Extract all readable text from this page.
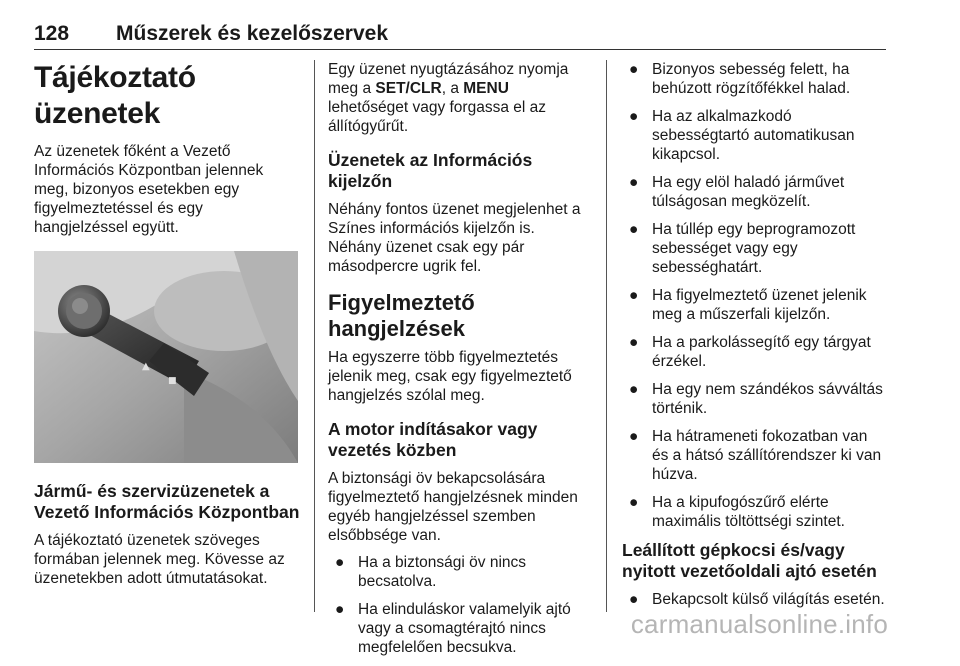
128 Műszerek és kezelőszervek
Tájékoztató üzenetek

Az üzenetek főként a Vezető Információs Központban jelennek meg, bizonyos esetekben egy figyelmeztetéssel és egy hangjelzéssel együtt.

▲
■
Jármű- és szervizüzenetek a Vezető Információs Központban

A tájékoztató üzenetek szöveges formában jelennek meg. Kövesse az üzenetekben adott útmutatásokat.

Egy üzenet nyugtázásához nyomja meg a SET/CLR, a MENU lehetőséget vagy forgassa el az állítógyűrűt.

Üzenetek az Információs kijelzőn

Néhány fontos üzenet megjelenhet a Színes információs kijelzőn is. Néhány üzenet csak egy pár másodpercre ugrik fel.

Figyelmeztető hangjelzések

Ha egyszerre több figyelmeztetés jelenik meg, csak egy figyelmeztető hangjelzés szólal meg.

A motor indításakor vagy vezetés közben

A biztonsági öv bekapcsolására figyelmeztető hangjelzésnek minden egyéb hangjelzéssel szemben elsőbbsége van.

● Ha a biztonsági öv nincs becsatolva.
● Ha elinduláskor valamelyik ajtó vagy a csomagtérajtó nincs megfelelően becsukva.
● Bizonyos sebesség felett, ha behúzott rögzítőfékkel halad.
● Ha az alkalmazkodó sebességtartó automatikusan kikapcsol.
● Ha egy elöl haladó járművet túlságosan megközelít.
● Ha túllép egy beprogramozott sebességet vagy egy sebességhatárt.
● Ha figyelmeztető üzenet jelenik meg a műszerfali kijelzőn.
● Ha a parkolássegítő egy tárgyat érzékel.
● Ha egy nem szándékos sávváltás történik.
● Ha hátrameneti fokozatban van és a hátsó szállítórendszer ki van húzva.
● Ha a kipufogószűrő elérte maximális töltöttségi szintet.
Leállított gépkocsi és/vagy nyitott vezetőoldali ajtó esetén
● Bekapcsolt külső világítás esetén.
carmanualsonline.info
